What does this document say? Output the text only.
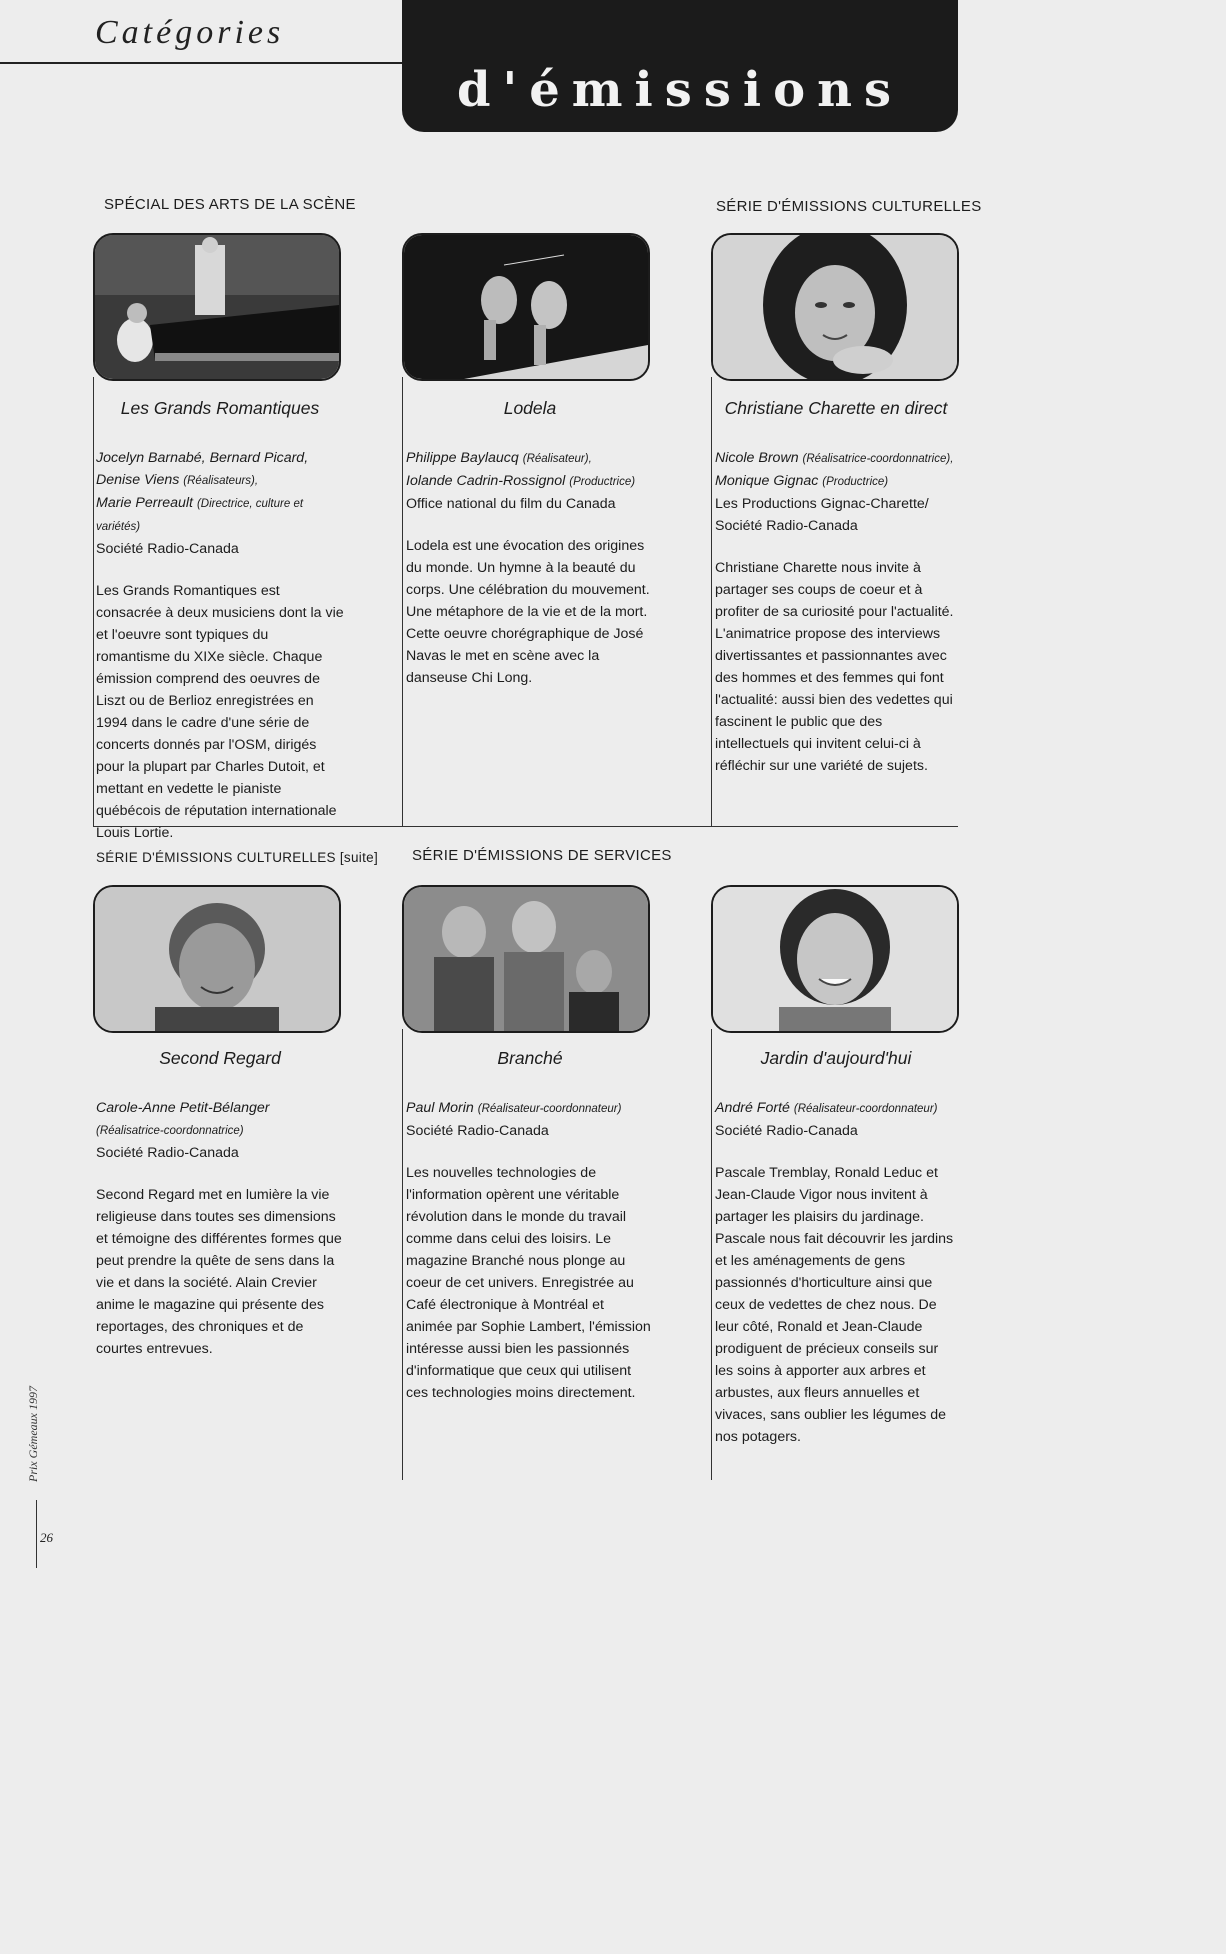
Catégories
d'émissions
SPÉCIAL DES ARTS DE LA SCÈNE	SÉRIE D'ÉMISSIONS CULTURELLES
SÉRIE D'ÉMISSIONS CULTURELLES [suite] SÉRIE D'ÉMISSIONS DE SERVICES
Les Grands Romantiques
Jocelyn Barnabé, Bernard Picard,
Denise Viens (Réalisateurs),
Marie Perreault (Directrice, culture et variétés)
Société Radio-Canada

Les Grands Romantiques est consacrée à deux musiciens dont la vie et l'oeuvre sont typiques du romantisme du XIXe siècle. Chaque émission comprend des oeuvres de Liszt ou de Berlioz enregistrées en 1994 dans le cadre d'une série de concerts donnés par l'OSM, dirigés pour la plupart par Charles Dutoit, et mettant en vedette le pianiste québécois de réputation internationale Louis Lortie.

Lodela
Philippe Baylaucq (Réalisateur),
Iolande Cadrin-Rossignol (Productrice)
Office national du film du Canada

Lodela est une évocation des origines du monde. Un hymne à la beauté du corps. Une célébration du mouvement. Une métaphore de la vie et de la mort. Cette oeuvre chorégraphique de José Navas le met en scène avec la danseuse Chi Long.

Christiane Charette en direct
Nicole Brown (Réalisatrice-coordonnatrice),
Monique Gignac (Productrice)
Les Productions Gignac-Charette/
Société Radio-Canada

Christiane Charette nous invite à partager ses coups de coeur et à profiter de sa curiosité pour l'actualité. L'animatrice propose des interviews divertissantes et passionnantes avec des hommes et des femmes qui font l'actualité: aussi bien des vedettes qui fascinent le public que des intellectuels qui invitent celui-ci à réfléchir sur une variété de sujets.

Second Regard
Carole-Anne Petit-Bélanger
(Réalisatrice-coordonnatrice)
Société Radio-Canada

Second Regard met en lumière la vie religieuse dans toutes ses dimensions et témoigne des différentes formes que peut prendre la quête de sens dans la vie et dans la société. Alain Crevier anime le magazine qui présente des reportages, des chroniques et de courtes entrevues.

Branché
Paul Morin (Réalisateur-coordonnateur)
Société Radio-Canada

Les nouvelles technologies de l'information opèrent une véritable révolution dans le monde du travail comme dans celui des loisirs. Le magazine Branché nous plonge au coeur de cet univers. Enregistrée au Café électronique à Montréal et animée par Sophie Lambert, l'émission intéresse aussi bien les passionnés d'informatique que ceux qui utilisent ces technologies moins directement.

Jardin d'aujourd'hui
André Forté (Réalisateur-coordonnateur)
Société Radio-Canada

Pascale Tremblay, Ronald Leduc et Jean-Claude Vigor nous invitent à partager les plaisirs du jardinage. Pascale nous fait découvrir les jardins et les aménagements de gens passionnés d'horticulture ainsi que ceux de vedettes de chez nous. De leur côté, Ronald et Jean-Claude prodiguent de précieux conseils sur les soins à apporter aux arbres et arbustes, aux fleurs annuelles et vivaces, sans oublier les légumes de nos potagers.

Prix Gémeaux 1997
26
